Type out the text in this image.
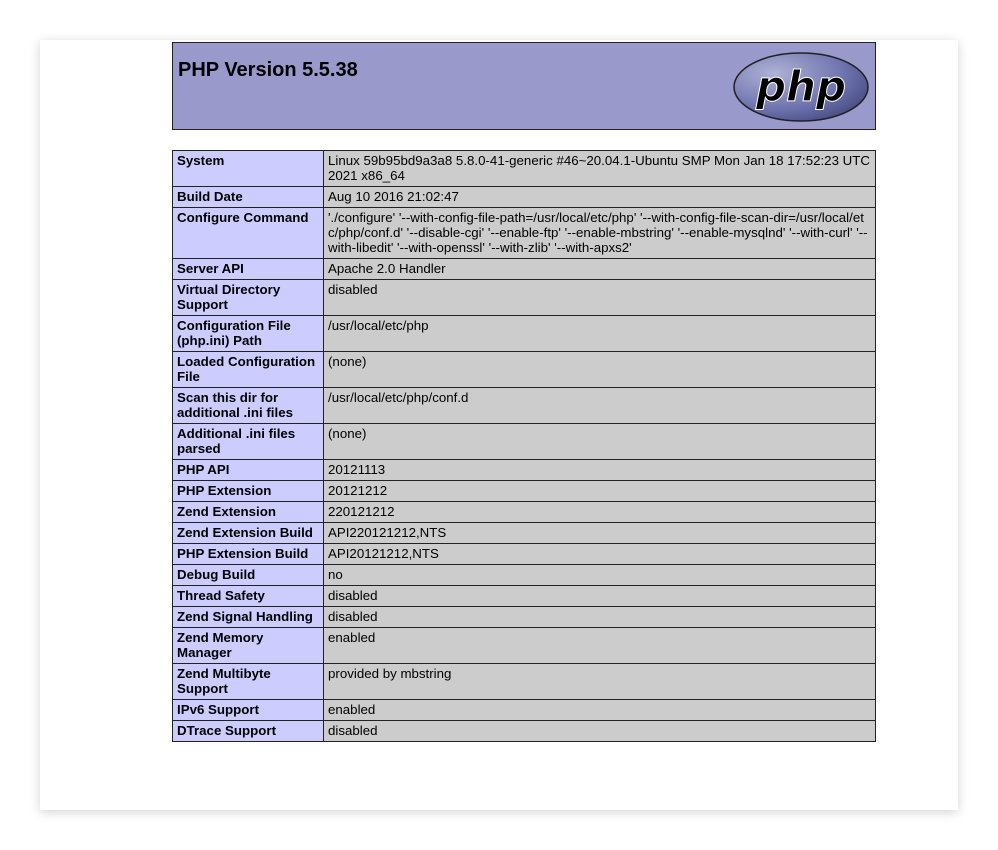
PHP Version 5.5.38	php
System	Linux 59b95bd9a3a8 5.8.0-41-generic #46~20.04.1-Ubuntu SMP Mon Jan 18 17:52:23 UTC 2021 x86_64
Build Date	Aug 10 2016 21:02:47
Configure Command	'./configure' '--with-config-file-path=/usr/local/etc/php' '--with-config-file-scan-dir=/usr/local/etc/php/conf.d' '--disable-cgi' '--enable-ftp' '--enable-mbstring' '--enable-mysqlnd' '--with-curl' '--with-libedit' '--with-openssl' '--with-zlib' '--with-apxs2'
Server API	Apache 2.0 Handler
Virtual Directory Support	disabled
Configuration File (php.ini) Path	/usr/local/etc/php
Loaded Configuration File	(none)
Scan this dir for additional .ini files	/usr/local/etc/php/conf.d
Additional .ini files parsed	(none)
PHP API	20121113
PHP Extension	20121212
Zend Extension	220121212
Zend Extension Build	API220121212,NTS
PHP Extension Build	API20121212,NTS
Debug Build	no
Thread Safety	disabled
Zend Signal Handling	disabled
Zend Memory Manager	enabled
Zend Multibyte Support	provided by mbstring
IPv6 Support	enabled
DTrace Support	disabled
